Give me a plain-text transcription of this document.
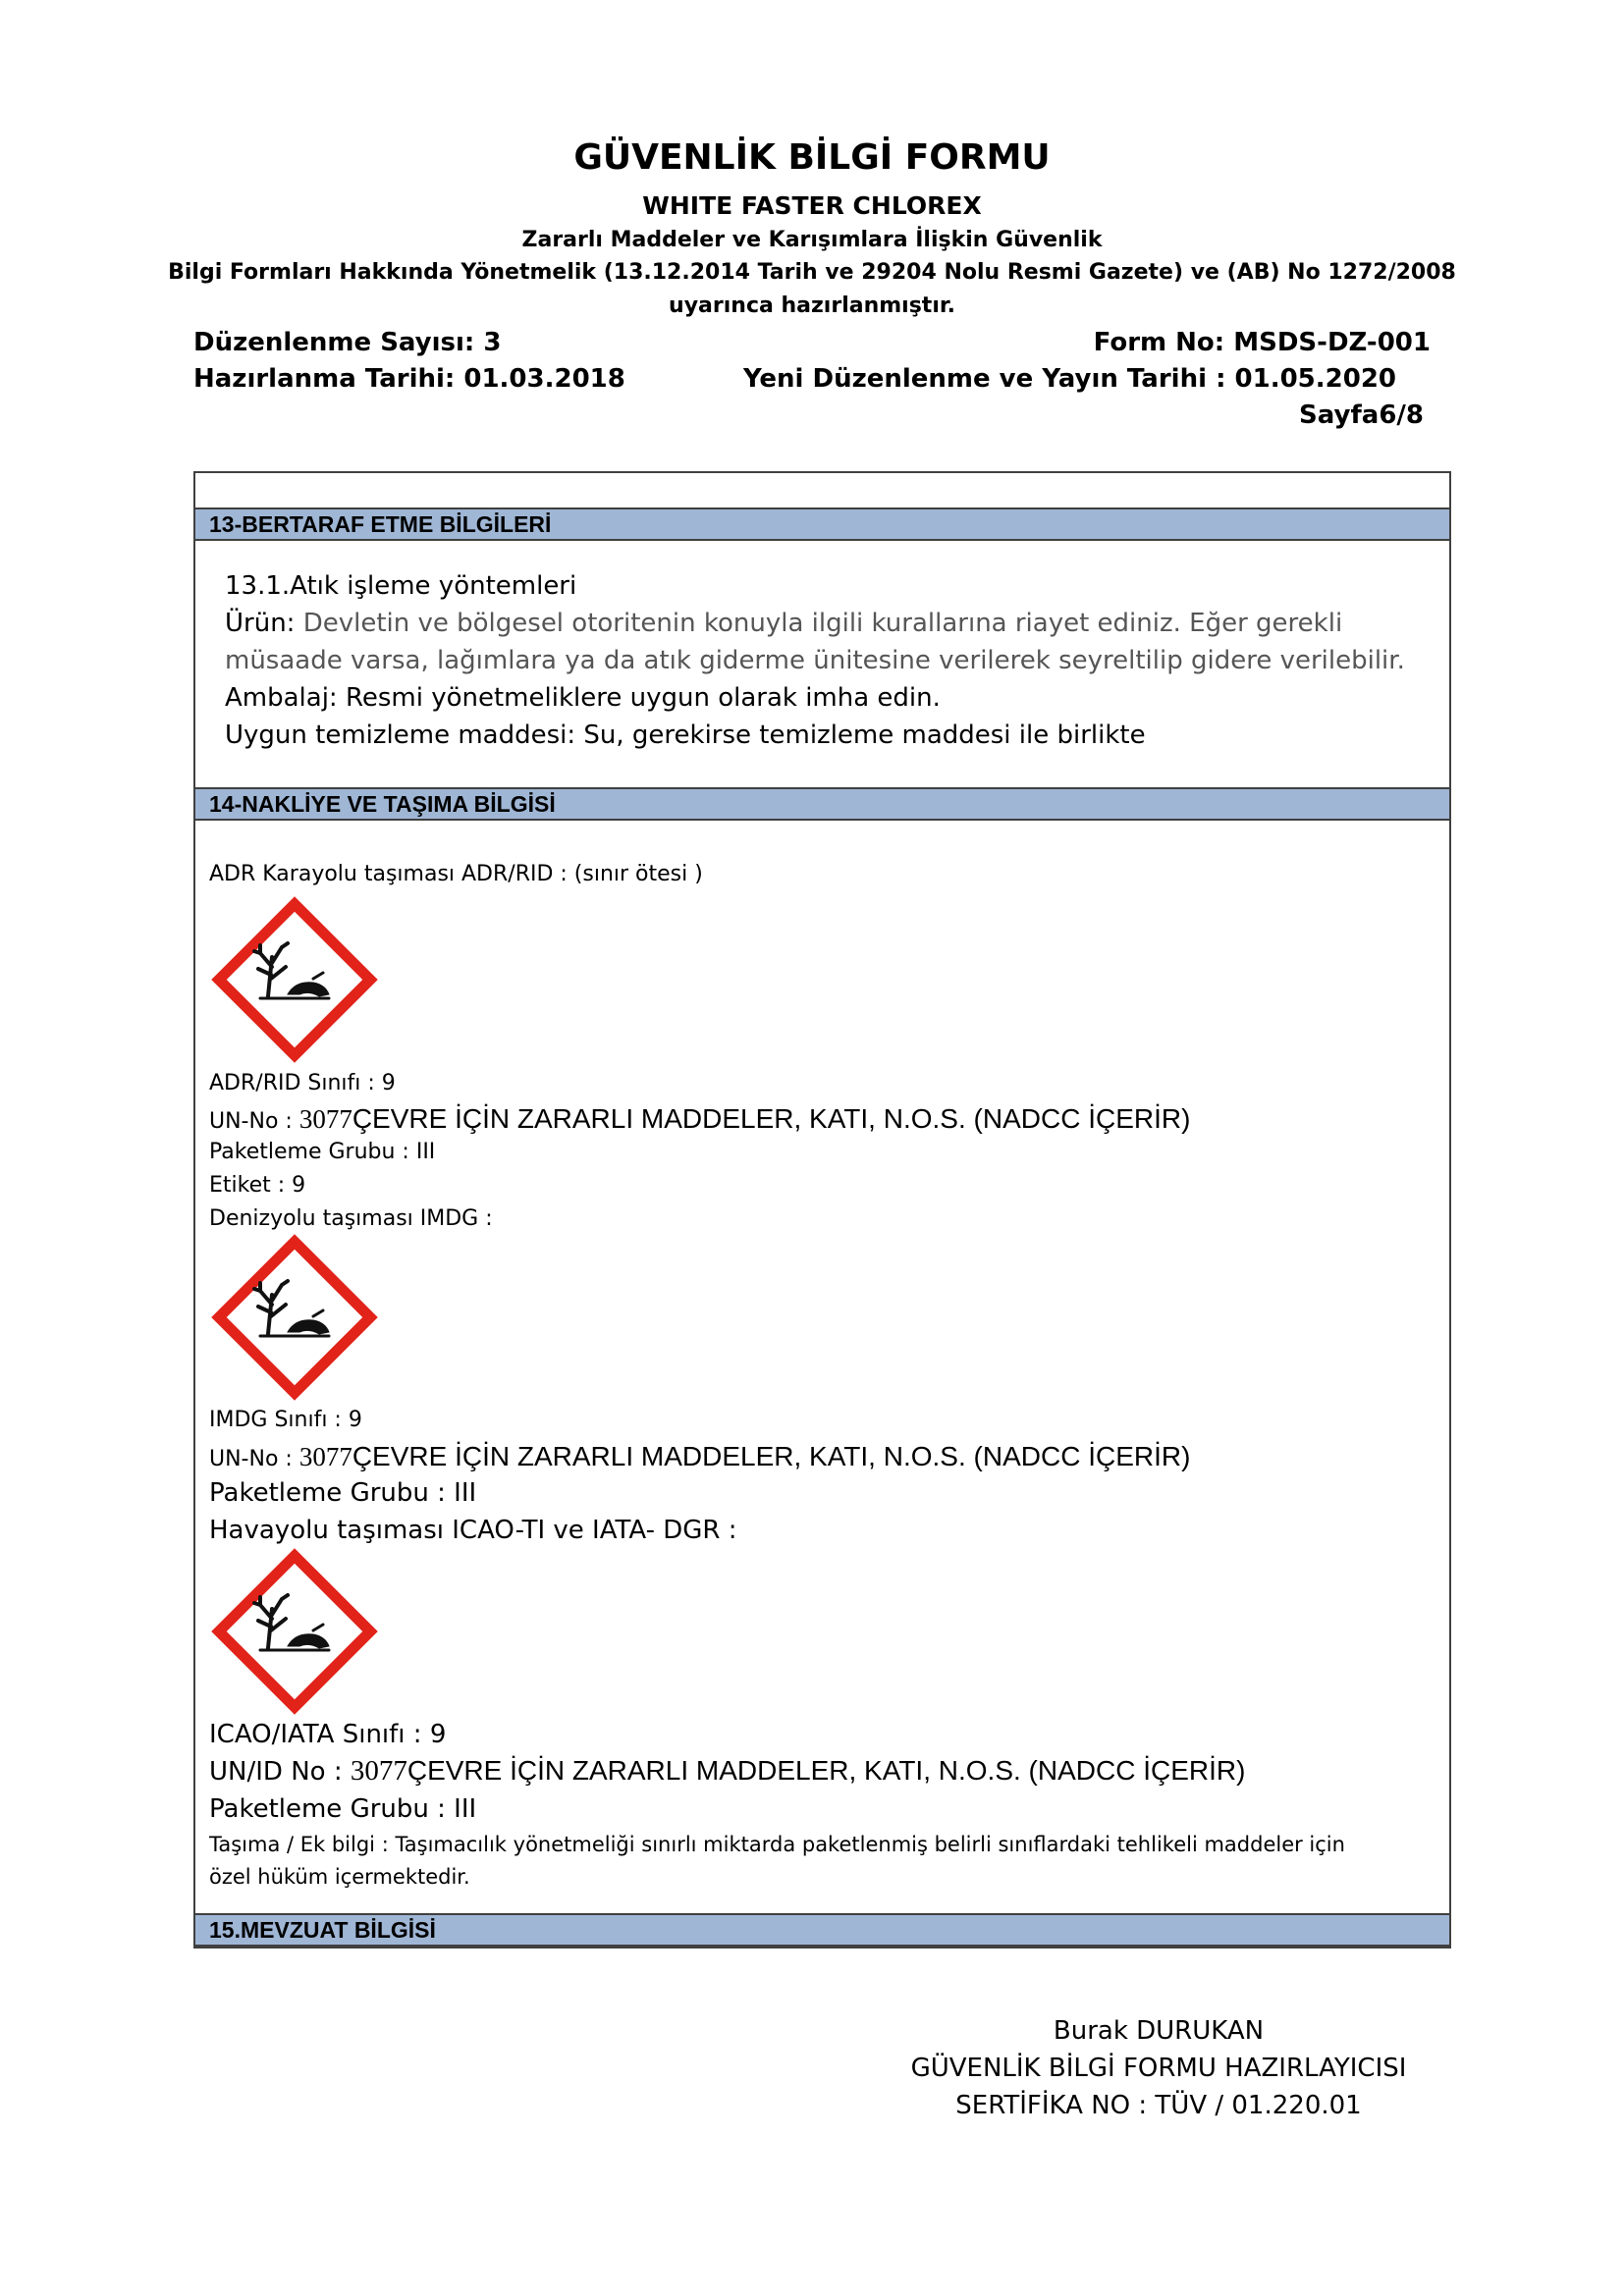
GÜVENLİK BİLGİ FORMU
WHITE FASTER CHLOREX
Zararlı Maddeler ve Karışımlara İlişkin Güvenlik
Bilgi Formları Hakkında Yönetmelik (13.12.2014 Tarih ve 29204 Nolu Resmi Gazete) ve (AB) No 1272/2008
uyarınca hazırlanmıştır.
Düzenlenme Sayısı: 3	Form No: MSDS-DZ-001
Hazırlanma Tarihi: 01.03.2018	Yeni Düzenlenme ve Yayın Tarihi : 01.05.2020
Sayfa6/8
13-BERTARAF ETME BİLGİLERİ
13.1.Atık işleme yöntemleri
Ürün: Devletin ve bölgesel otoritenin konuyla ilgili kurallarına riayet ediniz. Eğer gerekli
müsaade varsa, lağımlara ya da atık giderme ünitesine verilerek seyreltilip gidere verilebilir.
Ambalaj: Resmi yönetmeliklere uygun olarak imha edin.
Uygun temizleme maddesi: Su, gerekirse temizleme maddesi ile birlikte
14-NAKLİYE VE TAŞIMA BİLGİSİ
ADR Karayolu taşıması ADR/RID : (sınır ötesi )
ADR/RID Sınıfı : 9
UN-No : 3077ÇEVRE İÇİN ZARARLI MADDELER, KATI, N.O.S. (NADCC İÇERİR)
Paketleme Grubu : III
Etiket : 9
Denizyolu taşıması IMDG :
IMDG Sınıfı : 9
UN-No : 3077ÇEVRE İÇİN ZARARLI MADDELER, KATI, N.O.S. (NADCC İÇERİR)
Paketleme Grubu : III
Havayolu taşıması ICAO-TI ve IATA- DGR :
ICAO/IATA Sınıfı : 9
UN/ID No : 3077ÇEVRE İÇİN ZARARLI MADDELER, KATI, N.O.S. (NADCC İÇERİR)
Paketleme Grubu : III
Taşıma / Ek bilgi : Taşımacılık yönetmeliği sınırlı miktarda paketlenmiş belirli sınıflardaki tehlikeli maddeler için
özel hüküm içermektedir.
15.MEVZUAT BİLGİSİ
Burak DURUKAN
GÜVENLİK BİLGİ FORMU HAZIRLAYICISI
SERTİFİKA NO : TÜV / 01.220.01
